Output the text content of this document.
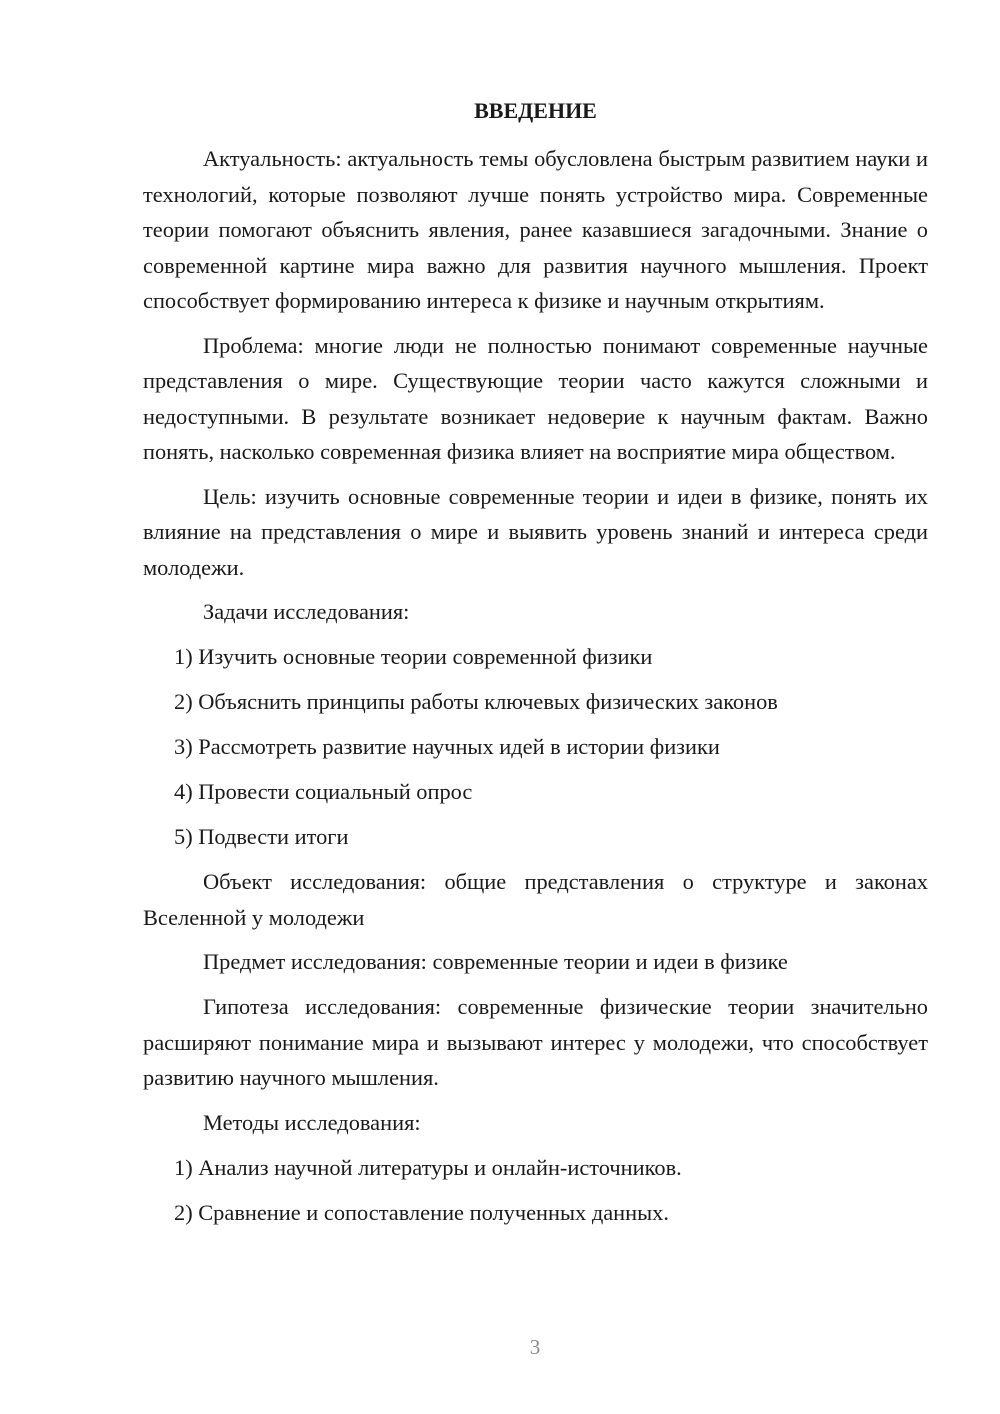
ВВЕДЕНИЕ

Актуальность: актуальность темы обусловлена быстрым развитием науки и технологий, которые позволяют лучше понять устройство мира. Современные теории помогают объяснить явления, ранее казавшиеся загадочными. Знание о современной картине мира важно для развития научного мышления. Проект способствует формированию интереса к физике и научным открытиям.

Проблема: многие люди не полностью понимают современные научные представления о мире. Существующие теории часто кажутся сложными и недоступными. В результате возникает недоверие к научным фактам. Важно понять, насколько современная физика влияет на восприятие мира обществом.

Цель: изучить основные современные теории и идеи в физике, понять их влияние на представления о мире и выявить уровень знаний и интереса среди молодежи.

Задачи исследования:
1) Изучить основные теории современной физики
2) Объяснить принципы работы ключевых физических законов
3) Рассмотреть развитие научных идей в истории физики
4) Провести социальный опрос
5) Подвести итоги

Объект исследования: общие представления о структуре и законах Вселенной у молодежи

Предмет исследования: современные теории и идеи в физике

Гипотеза исследования: современные физические теории значительно расширяют понимание мира и вызывают интерес у молодежи, что способствует развитию научного мышления.

Методы исследования:
1) Анализ научной литературы и онлайн-источников.
2) Сравнение и сопоставление полученных данных.
3
